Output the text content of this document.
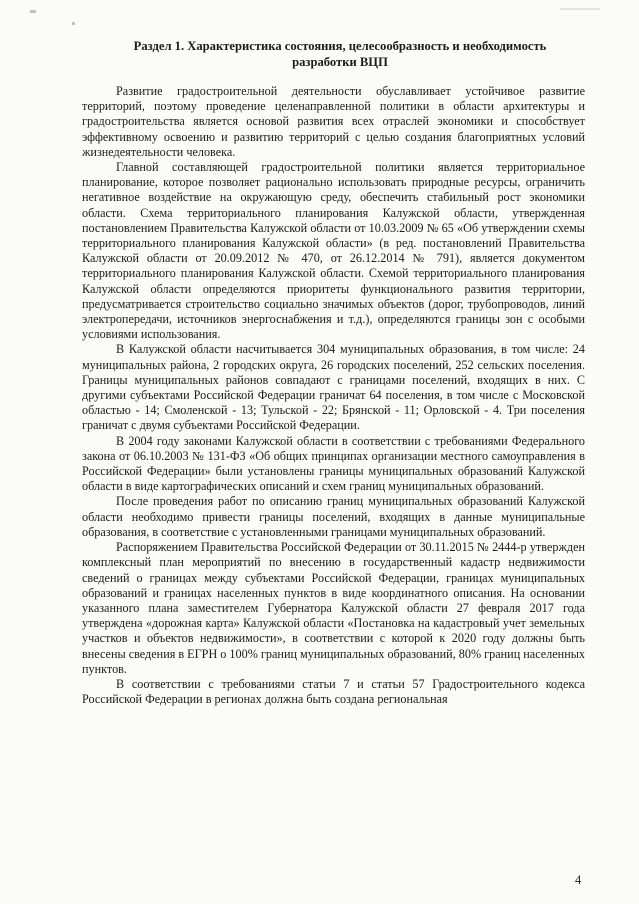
Раздел 1. Характеристика состояния, целесообразность и необходимость
разработки ВЦП

Развитие градостроительной деятельности обуславливает устойчивое развитие территорий, поэтому проведение целенаправленной политики в области архитектуры и градостроительства является основой развития всех отраслей экономики и способствует эффективному освоению и развитию территорий с целью создания благоприятных условий жизнедеятельности человека.

Главной составляющей градостроительной политики является территориальное планирование, которое позволяет рационально использовать природные ресурсы, ограничить негативное воздействие на окружающую среду, обеспечить стабильный рост экономики области. Схема территориального планирования Калужской области, утвержденная постановлением Правительства Калужской области от 10.03.2009 № 65 «Об утверждении схемы территориального планирования Калужской области» (в ред. постановлений Правительства Калужской области от 20.09.2012 № 470, от 26.12.2014 № 791), является документом территориального планирования Калужской области. Схемой территориального планирования Калужской области определяются приоритеты функционального развития территории, предусматривается строительство социально значимых объектов (дорог, трубопроводов, линий электропередачи, источников энергоснабжения и т.д.), определяются границы зон с особыми условиями использования.

В Калужской области насчитывается 304 муниципальных образования, в том числе: 24 муниципальных района, 2 городских округа, 26 городских поселений, 252 сельских поселения. Границы муниципальных районов совпадают с границами поселений, входящих в них. С другими субъектами Российской Федерации граничат 64 поселения, в том числе с Московской областью - 14; Смоленской - 13; Тульской - 22; Брянской - 11; Орловской - 4. Три поселения граничат с двумя субъектами Российской Федерации.

В 2004 году законами Калужской области в соответствии с требованиями Федерального закона от 06.10.2003 № 131-ФЗ «Об общих принципах организации местного самоуправления в Российской Федерации» были установлены границы муниципальных образований Калужской области в виде картографических описаний и схем границ муниципальных образований.

После проведения работ по описанию границ муниципальных образований Калужской области необходимо привести границы поселений, входящих в данные муниципальные образования, в соответствие с установленными границами муниципальных образований.

Распоряжением Правительства Российской Федерации от 30.11.2015 № 2444-р утвержден комплексный план мероприятий по внесению в государственный кадастр недвижимости сведений о границах между субъектами Российской Федерации, границах муниципальных образований и границах населенных пунктов в виде координатного описания. На основании указанного плана заместителем Губернатора Калужской области 27 февраля 2017 года утверждена «дорожная карта» Калужской области «Постановка на кадастровый учет земельных участков и объектов недвижимости», в соответствии с которой к 2020 году должны быть внесены сведения в ЕГРН о 100% границ муниципальных образований, 80% границ населенных пунктов.

В соответствии с требованиями статьи 7 и статьи 57 Градостроительного кодекса Российской Федерации в регионах должна быть создана региональная

4
